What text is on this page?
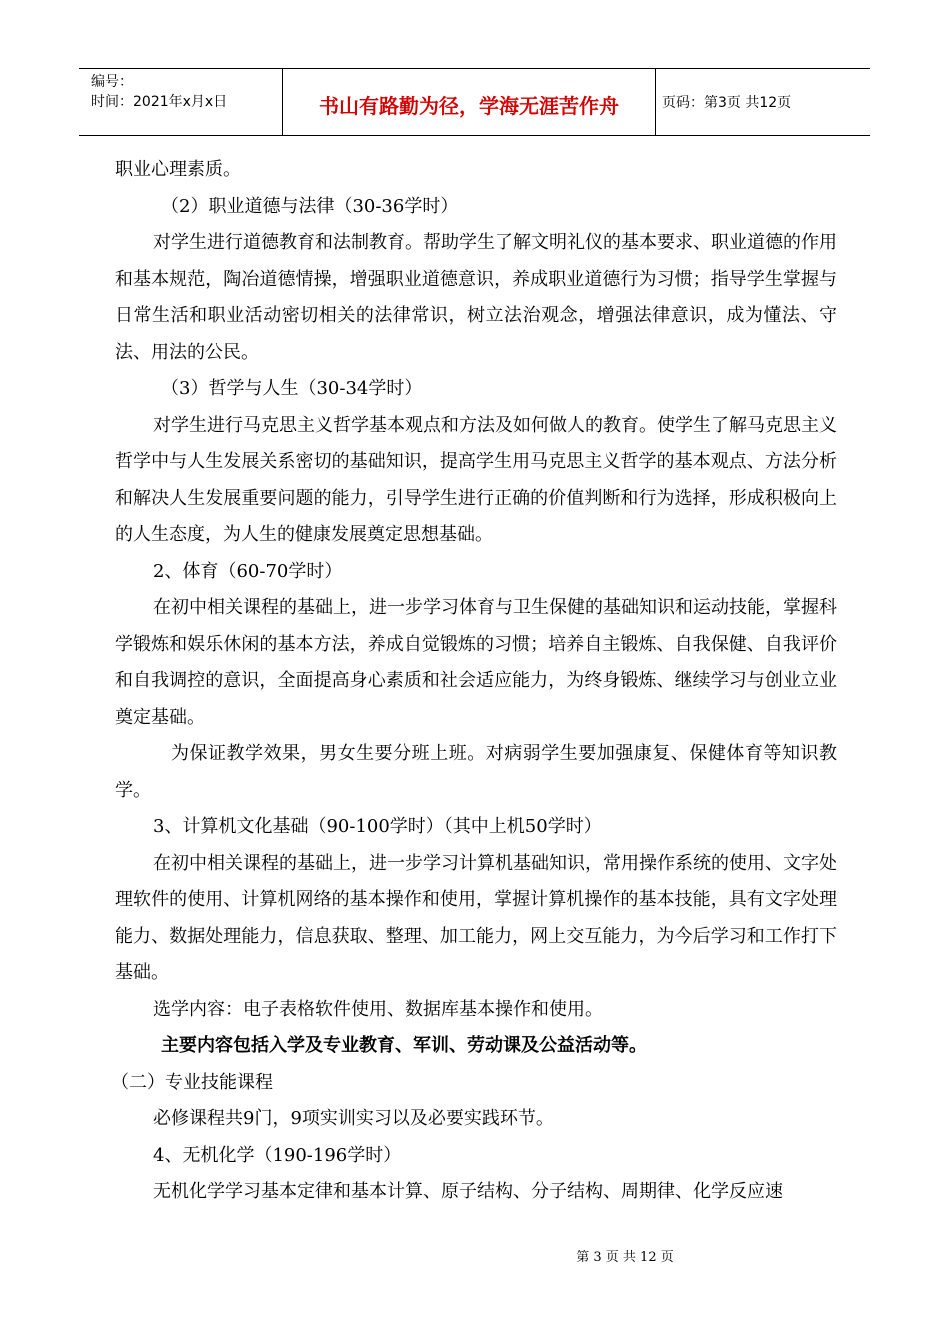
编号：
时间：2021年x月x日	书山有路勤为径，学海无涯苦作舟	页码：第3页 共12页

职业心理素质。

（2）职业道德与法律（30-36学时）

对学生进行道德教育和法制教育。帮助学生了解文明礼仪的基本要求、职业道德的作用和基本规范，陶冶道德情操，增强职业道德意识，养成职业道德行为习惯；指导学生掌握与日常生活和职业活动密切相关的法律常识，树立法治观念，增强法律意识，成为懂法、守法、用法的公民。

（3）哲学与人生（30-34学时）

对学生进行马克思主义哲学基本观点和方法及如何做人的教育。使学生了解马克思主义哲学中与人生发展关系密切的基础知识，提高学生用马克思主义哲学的基本观点、方法分析和解决人生发展重要问题的能力，引导学生进行正确的价值判断和行为选择，形成积极向上的人生态度，为人生的健康发展奠定思想基础。

2、体育（60-70学时）

在初中相关课程的基础上，进一步学习体育与卫生保健的基础知识和运动技能，掌握科学锻炼和娱乐休闲的基本方法，养成自觉锻炼的习惯；培养自主锻炼、自我保健、自我评价和自我调控的意识，全面提高身心素质和社会适应能力，为终身锻炼、继续学习与创业立业奠定基础。

为保证教学效果，男女生要分班上班。对病弱学生要加强康复、保健体育等知识教学。

3、计算机文化基础（90-100学时）（其中上机50学时）

在初中相关课程的基础上，进一步学习计算机基础知识，常用操作系统的使用、文字处理软件的使用、计算机网络的基本操作和使用，掌握计算机操作的基本技能，具有文字处理能力、数据处理能力，信息获取、整理、加工能力，网上交互能力，为今后学习和工作打下基础。

选学内容：电子表格软件使用、数据库基本操作和使用。

主要内容包括入学及专业教育、军训、劳动课及公益活动等。

（二）专业技能课程

必修课程共9门，9项实训实习以及必要实践环节。

4、无机化学（190-196学时）

无机化学学习基本定律和基本计算、原子结构、分子结构、周期律、化学反应速

第 3 页 共 12 页
